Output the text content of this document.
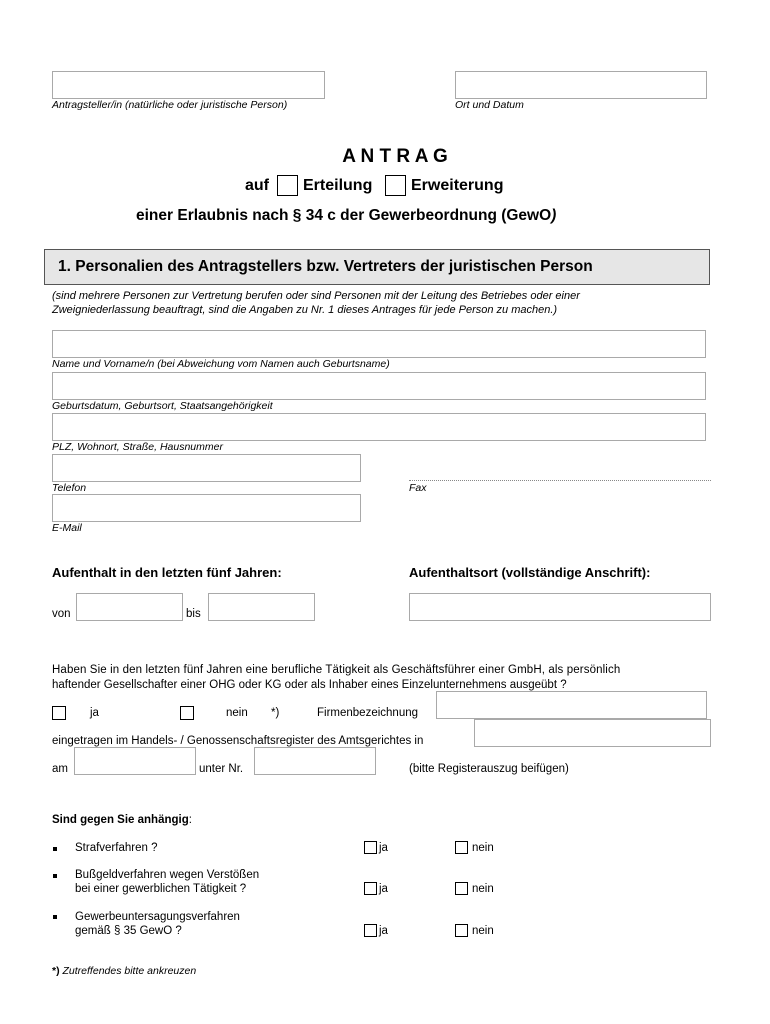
Antragsteller/in (natürliche oder juristische Person)	Ort und Datum
A N T R A G
auf Erteilung Erweiterung
einer Erlaubnis nach § 34 c der Gewerbeordnung (GewO)
1. Personalien des Antragstellers bzw. Vertreters der juristischen Person
(sind mehrere Personen zur Vertretung berufen oder sind Personen mit der Leitung des Betriebes oder einer
Zweigniederlassung beauftragt, sind die Angaben zu Nr. 1 dieses Antrages für jede Person zu machen.)
Name und Vorname/n (bei Abweichung vom Namen auch Geburtsname)
Geburtsdatum, Geburtsort, Staatsangehörigkeit
PLZ, Wohnort, Straße, Hausnummer
Telefon	Fax
E-Mail
Aufenthalt in den letzten fünf Jahren:	Aufenthaltsort (vollständige Anschrift):
von	bis
Haben Sie in den letzten fünf Jahren eine berufliche Tätigkeit als Geschäftsführer einer GmbH, als persönlich
haftender Gesellschafter einer OHG oder KG oder als Inhaber eines Einzelunternehmens ausgeübt ?
ja	nein *)	Firmenbezeichnung
eingetragen im Handels- / Genossenschaftsregister des Amtsgerichtes in
am	unter Nr.	(bitte Registerauszug beifügen)
Sind gegen Sie anhängig:
Strafverfahren ?	ja	nein
Bußgeldverfahren wegen Verstößen
bei einer gewerblichen Tätigkeit ?	ja	nein
Gewerbeuntersagungsverfahren
gemäß § 35 GewO ?	ja	nein
*) Zutreffendes bitte ankreuzen
